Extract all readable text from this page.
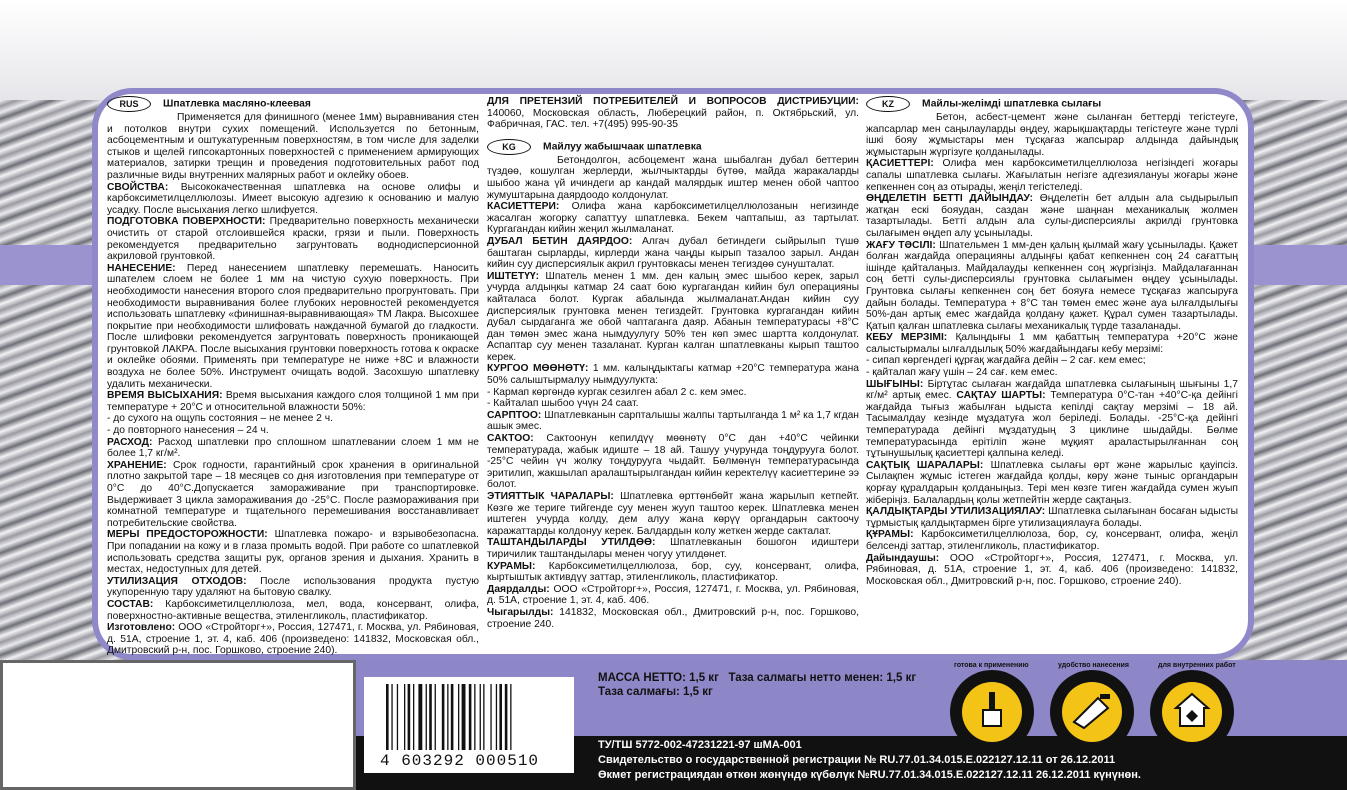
RUS Шпатлевка масляно-клеевая

Применяется для финишного (менее 1мм) выравнивания стен и потолков внутри сухих помещений. Используется по бетонным, асбоцементным и оштукатуренным поверхностям, в том числе для заделки стыков и щелей гипсокартонных поверхностей с применением армирующих материалов, затирки трещин и проведения подготовительных работ под различные виды внутренних малярных работ и оклейку обоев.

СВОЙСТВА: Высококачественная шпатлевка на основе олифы и карбоксиметилцеллюлозы. Имеет высокую адгезию к основанию и малую усадку. После высыхания легко шлифуется.

ПОДГОТОВКА ПОВЕРХНОСТИ: Предварительно поверхность механически очистить от старой отслоившейся краски, грязи и пыли. Поверхность рекомендуется предварительно загрунтовать воднодисперсионной акриловой грунтовкой.

НАНЕСЕНИЕ: Перед нанесением шпатлевку перемешать. Наносить шпателем слоем не более 1 мм на чистую сухую поверхность. При необходимости нанесения второго слоя предварительно прогрунтовать. При необходимости выравнивания более глубоких неровностей рекомендуется использовать шпатлевку «финишная-выравнивающая» ТМ Лакра. Высохшее покрытие при необходимости шлифовать наждачной бумагой до гладкости. После шлифовки рекомендуется загрунтовать поверхность проникающей грунтовкой ЛАКРА. После высыхания грунтовки поверхность готова к окраске и оклейке обоями. Применять при температуре не ниже +8С и влажности воздуха не более 50%. Инструмент очищать водой. Засохшую шпатлевку удалить механически.

ВРЕМЯ ВЫСЫХАНИЯ: Время высыхания каждого слоя толщиной 1 мм при температуре + 20°С и относительной влажности 50%:

- до сухого на ощупь состояния – не менее 2 ч.

- до повторного нанесения – 24 ч.

РАСХОД: Расход шпатлевки про сплошном шпатлевании слоем 1 мм не более 1,7 кг/м².

ХРАНЕНИЕ: Срок годности, гарантийный срок хранения в оригинальной плотно закрытой таре – 18 месяцев со дня изготовления при температуре от 0°С до 40°С.Допускается замораживание при транспортировке. Выдерживает 3 цикла замораживания до -25°С. После размораживания при комнатной температуре и тщательного перемешивания восстанавливает потребительские свойства.

МЕРЫ ПРЕДОСТОРОЖНОСТИ: Шпатлевка пожаро- и взрывобезопасна. При попадании на кожу и в глаза промыть водой. При работе со шпатлевкой использовать средства защиты рук, органов зрения и дыхания. Хранить в местах, недоступных для детей.

УТИЛИЗАЦИЯ ОТХОДОВ: После использования продукта пустую укупоренную тару удаляют на бытовую свалку.

СОСТАВ: Карбоксиметилцеллюлоза, мел, вода, консервант, олифа, поверхностно-активные вещества, этиленгликоль, пластификатор.

Изготовлено: ООО «Стройторг+», Россия, 127471, г. Москва, ул. Рябиновая, д. 51А, строение 1, эт. 4, каб. 406 (произведено: 141832, Московская обл., Дмитровский р-н, пос. Горшково, строение 240).

ДЛЯ ПРЕТЕНЗИЙ ПОТРЕБИТЕЛЕЙ И ВОПРОСОВ ДИСТРИБУЦИИ: 140060, Московская область, Люберецкий район, п. Октябрьский, ул. Фабричная, ГАС. тел. +7(495) 995-90-35

KG	Майлуу жабышчаак шпатлевка

Бетондолгон, асбоцемент жана шыбалган дубал беттерин түздөө, кошулган жерлерди, жылчыктарды бүтөө, майда жаракаларды шыбоо жана үй ичиндеги ар кандай малярдык иштер менен обой чаптоо жумуштарына даярдоодо колдонулат.

КАСИЕТТЕРИ: Олифа жана карбоксиметилцеллюлозанын негизинде жасалган жогорку сапаттуу шпатлевка. Бекем чаптапыш, аз тартылат. Кургагандан кийин жеңил жылмаланат.

ДУБАЛ БЕТИН ДАЯРДОО: Алгач дубал бетиндеги сыйрылып түшө баштаган сырларды, кирлерди жана чаңды кырып тазалоо зарыл. Андан кийин суу дисперсиялык акрил грунтовкасы менен тегиздөө сунушталат.

ИШТЕТҮҮ: Шпатель менен 1 мм. ден калың эмес шыбоо керек, зарыл учурда алдыңкы катмар 24 саат бою кургагандан кийин бул операцияны кайталаса болот. Кургак абалында жылмаланат.Андан кийин суу дисперсиялык грунтовка менен тегиздейт. Грунтовка кургагандан кийин дубал сырдаганга же обой чаптаганга даяр. Абанын температурасы +8°С дан төмөн эмес жана нымдуулугу 50% тен көп эмес шартта колдонулат. Аспаптар суу менен тазаланат. Курган калган шпатлевканы кырып таштоо керек.

КУРГОО МӨӨНӨТҮ: 1 мм. калыңдыктагы катмар +20°С температура жана 50% салыштырмалуу нымдуулукта:

- Кармап көргөндө кургак сезилген абал 2 с. кем эмес.

- Кайталап шыбоо үчүн 24 саат.

САРПТОО: Шпатлевканын сарпталышы жалпы тартылганда 1 м² ка 1,7 кгдан ашык эмес.

САКТОО: Сактоонун кепилдүү мөөнөтү 0°С дан +40°С чейинки температурада, жабык идиште – 18 ай. Ташуу учурунда тоңдурууга болот. -25°С чейин үч жолку тоңдурууга чыдайт. Бөлмөнүн температурасында эритилип, жакшылап аралаштырылгандан кийин керектелүү касиеттерине ээ болот.

ЭТИЯТТЫК ЧАРАЛАРЫ: Шпатлевка өрттөнбөйт жана жарылып кетпейт. Көзгө же териге тийгенде суу менен жууп таштоо керек. Шпатлевка менен иштеген учурда колду, дем алуу жана көрүү органдарын сактоочу каражаттарды колдонуу керек. Балдардын колу жеткен жерде сакталат.

ТАШТАНДЫЛАРДЫ УТИЛДӨӨ: Шпатлевканын бошогон идиштери тиричилик таштандылары менен чогуу утилдөнет.

КУРАМЫ: Карбоксиметилцеллюлоза, бор, суу, консервант, олифа, кыртыштык активдүү заттар, этиленгликоль, пластификатор.

Даярдалды: ООО «Стройторг+», Россия, 127471, г. Москва, ул. Рябиновая, д. 51А, строение 1, эт. 4, каб. 406.

Чыгарылды: 141832, Московская обл., Дмитровский р-н, пос. Горшково, строение 240.

KZ	Майлы-желімді шпатлевка сылағы

Бетон, асбест-цемент және сыланған беттерді тегістеуге, жапсарлар мен саңылауларды өңдеу, жарықшақтарды тегістеуге және түрлі ішкі бояу жұмыстары мен тұсқағаз жапсырар алдында дайындық жұмыстарын жүргізуге қолданылады.

ҚАСИЕТТЕРІ: Олифа мен карбоксиметилцеллюлоза негізіндегі жоғары сапалы шпатлевка сылағы. Жағылатын негізге адгезиялануы жоғары және кепкеннен соң аз отырады, жеңіл тегістеледі.

ӨҢДЕЛЕТІН БЕТТІ ДАЙЫНДАУ: Өңделетін бет алдын ала сыдырылып жатқан ескі бояудан, саздан және шаңнан механикалық жолмен тазартылады. Бетті алдын ала сулы-дисперсиялы акрилді грунтовка сылағымен өңдеп алу ұсынылады.

ЖАҒУ ТӘСІЛІ: Шпательмен 1 мм-ден қалың қылмай жағу ұсынылады. Қажет болған жағдайда операцияны алдыңғы қабат кепкеннен соң 24 сағаттың ішінде қайталаңыз. Майдалауды кепкеннен соң жүргізіңіз. Майдалағаннан соң бетті сулы-дисперсиялы грунтовка сылағымен өңдеу ұсынылады. Грунтовка сылағы кепкеннен соң бет бояуға немесе тұсқағаз жапсыруға дайын болады. Температура + 8°С тан төмен емес және ауа ылғалдылығы 50%-дан артық емес жағдайда қолдану қажет. Құрал сумен тазартылады. Қатып қалған шпатлевка сылағы механикалық түрде тазаланады.

КЕБУ МЕРЗІМІ: Қалыңдығы 1 мм қабаттың температура +20°С және салыстырмалы ылғалдылық 50% жағдайындағы кебу мерзімі:

- сипап көргендегі құрғақ жағдайға дейін – 2 сағ. кем емес;

- қайталап жағу үшін – 24 сағ. кем емес.

ШЫҒЫНЫ: Біртұтас сылаған жағдайда шпатлевка сылағының шығыны 1,7 кг/м² артық емес. САҚТАУ ШАРТЫ: Температура 0°С-тан +40°С-қа дейінгі жағдайда тығыз жабылған ыдыста кепілді сақтау мерзімі – 18 ай. Тасымалдау кезінде мұздатуға жол беріледі. Болады. -25°С-қа дейінгі температурада дейінгі мұздатудың 3 циклине шыдайды. Бөлме температурасында ерітіліп және мұқият араластырылғаннан соң тұтынушылық қасиеттері қалпына келеді.

САҚТЫҚ ШАРАЛАРЫ: Шпатлевка сылағы өрт және жарылыс қауіпсіз. Сылақпен жұмыс істеген жағдайда қолды, көру және тыныс органдарын қорғау құралдарын қолданыңыз. Тері мен көзге тиген жағдайда сумен жуып жіберіңіз. Балалардың қолы жетпейтін жерде сақтаңыз.

ҚАЛДЫҚТАРДЫ УТИЛИЗАЦИЯЛАУ: Шпатлевка сылағынан босаған ыдысты тұрмыстық қалдықтармен бірге утилизациялауға болады.

ҚҰРАМЫ: Карбоксиметилцеллюлоза, бор, су, консервант, олифа, жеңіл белсенді заттар, этиленгликоль, пластификатор.

Дайындаушы: ООО «Стройторг+», Россия, 127471, г. Москва, ул. Рябиновая, д. 51А, строение 1, эт. 4, каб. 406 (произведено: 141832, Московская обл., Дмитровский р-н, пос. Горшково, строение 240).

4 603292 000510
МАССА НЕТТО: 1,5 кг Таза салмагы нетто менен: 1,5 кг
Таза салмағы: 1,5 кг
ТУ/ТШ 5772-002-47231221-97 шМА-001
Свидетельство о государственной регистрации № RU.77.01.34.015.Е.022127.12.11 от 26.12.2011
Өкмет регистрациядан өткөн жөнүндө күбөлүк №RU.77.01.34.015.Е.022127.12.11 26.12.2011 күнүнөн.
готова к применению	удобство нанесения	для внутренних работ
